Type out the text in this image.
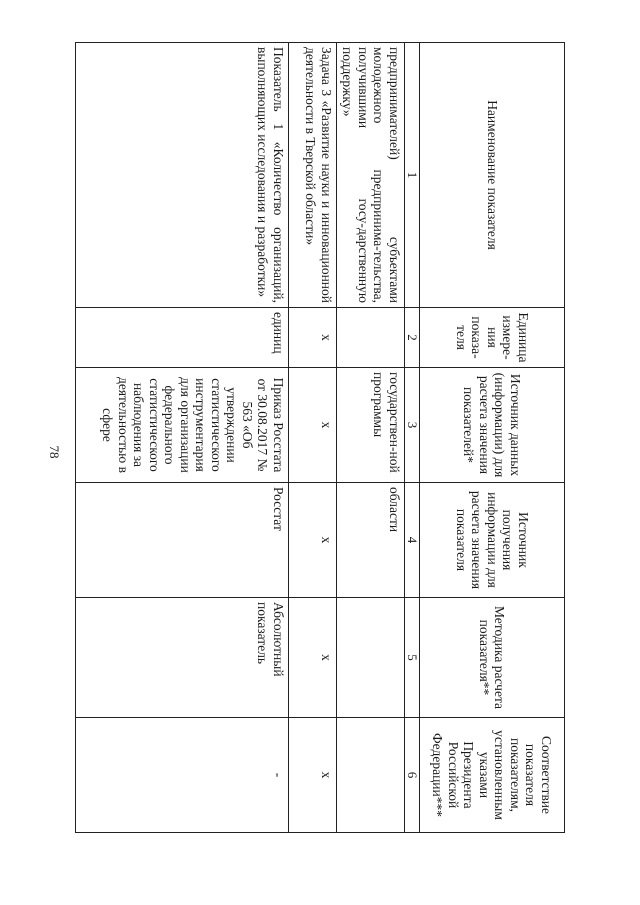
78
Наименование показателя	Единица измере-ния показа-теля	Источник данных (информации) для расчета значения показателей*	Источник получения информации для расчета значения показателя	Методика расчета показателя**	Соответствие показателя показателям, установленным указами Президента Российской Федерации***
1	2	3	4	5	6
предпринимателей) субъектами молодежного предпринима-тельства, получившими госу-дарственную поддержку»		государствен-ной программы	области		
Задача 3 «Развитие науки и инновационной деятельности в Тверской области»	х	х	х	х	х
Показатель 1 «Количество организаций, выполняющих исследования и разработки»	единиц	Приказ Росстата от 30.08.2017 № 563 «Об утверждении статистического инструментария для организации федерального статистического наблюдения за деятельностью в сфере	Росстат	Абсолютный показатель	-
